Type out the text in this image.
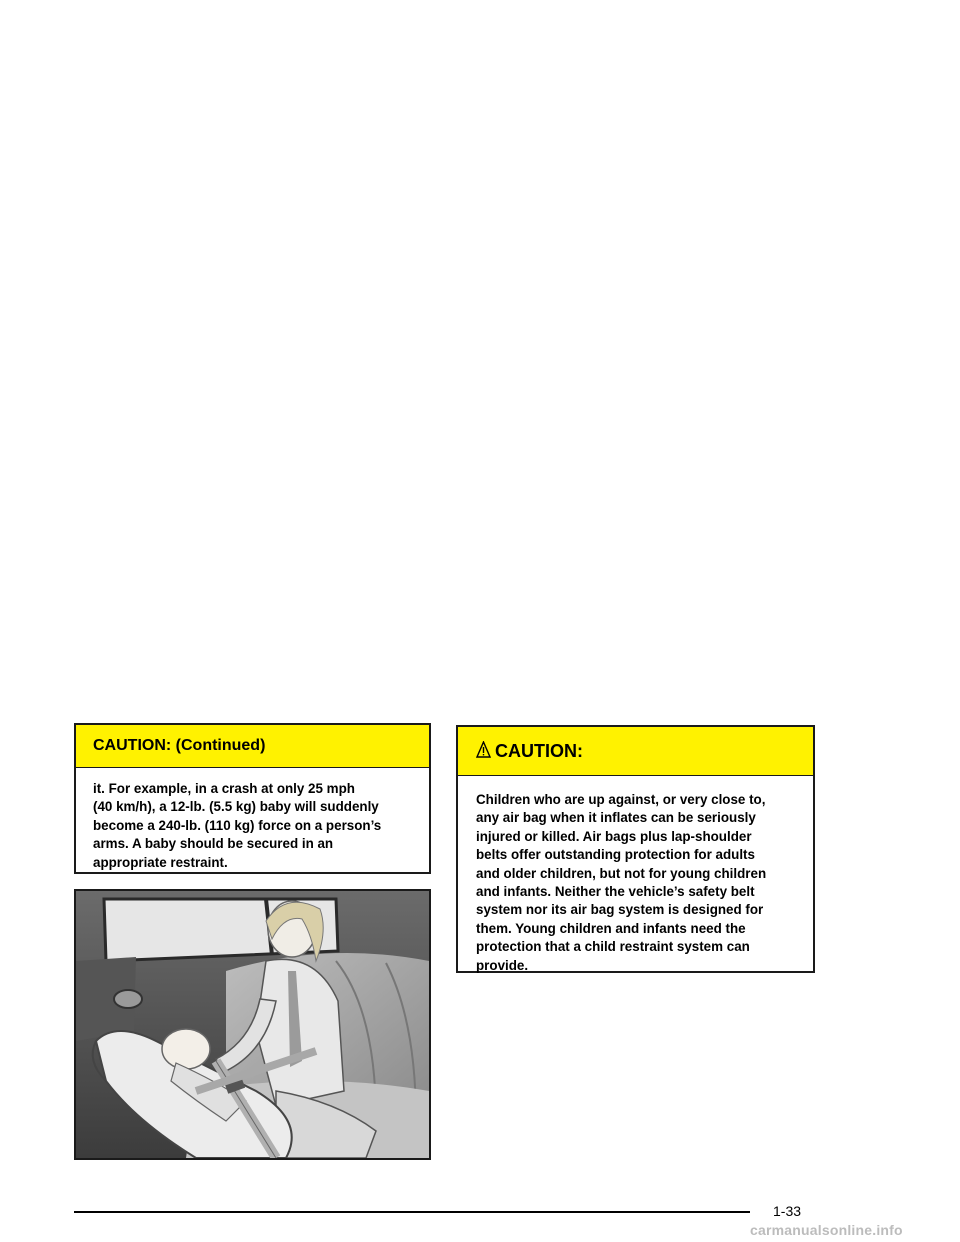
CAUTION: (Continued)
it. For example, in a crash at only 25 mph
(40 km/h), a 12-lb. (5.5 kg) baby will suddenly
become a 240-lb. (110 kg) force on a person’s
arms. A baby should be secured in an
appropriate restraint.
CAUTION:
Children who are up against, or very close to,
any air bag when it inflates can be seriously
injured or killed. Air bags plus lap-shoulder
belts offer outstanding protection for adults
and older children, but not for young children
and infants. Neither the vehicle’s safety belt
system nor its air bag system is designed for
them. Young children and infants need the
protection that a child restraint system can
provide.
1-33
carmanualsonline.info
